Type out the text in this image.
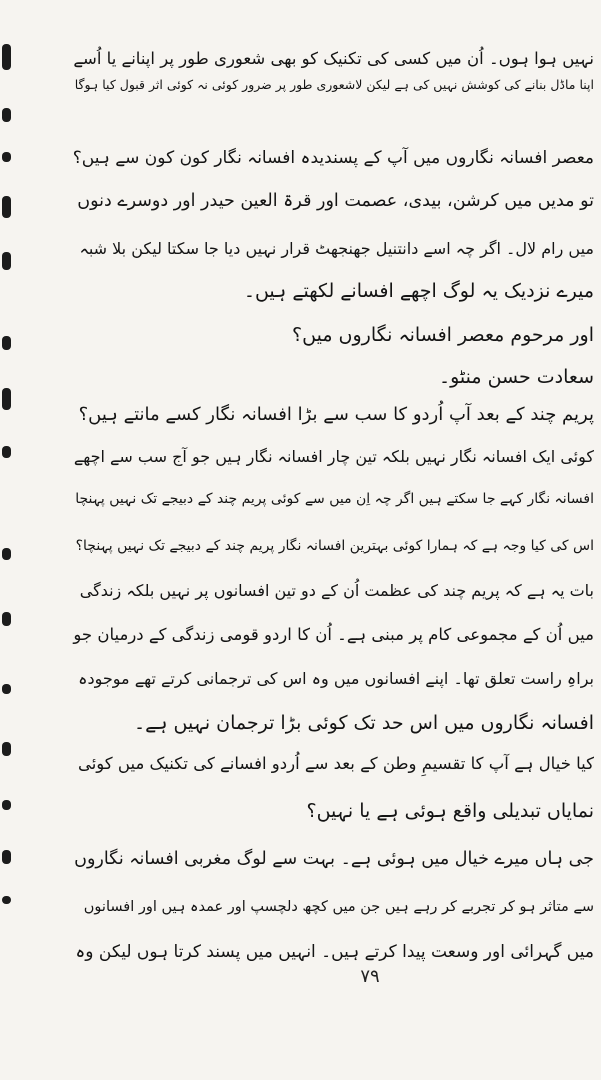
نہیں ہوا ہوں۔ اُن میں کسی کی تکنیک کو بھی شعوری طور پر اپنانے یا اُسے
اپنا ماڈل بنانے کی کوشش نہیں کی ہے لیکن لاشعوری طور پر ضرور کوئی نہ کوئی اثر قبول کیا ہوگا
معصر افسانہ نگاروں میں آپ کے پسندیدہ افسانہ نگار کون کون سے ہیں؟
تو مدیں میں کرشن، بیدی، عصمت اور قرۃ العین حیدر اور دوسرے دنوں
میں رام لال۔ اگر چہ اسے دانتنیل جھنجھٹ قرار نہیں دیا جا سکتا لیکن بلا شبہ
میرے نزدیک یہ لوگ اچھے افسانے لکھتے ہیں۔
اور مرحوم معصر افسانہ نگاروں میں؟
سعادت حسن منٹو۔
پریم چند کے بعد آپ اُردو کا سب سے بڑا افسانہ نگار کسے مانتے ہیں؟
کوئی ایک افسانہ نگار نہیں بلکہ تین چار افسانہ نگار ہیں جو آج سب سے اچھے
افسانہ نگار کہے جا سکتے ہیں اگر چہ اِن میں سے کوئی پریم چند کے دبیجے تک نہیں پہنچا
اس کی کیا وجہ ہے کہ ہمارا کوئی بہترین افسانہ نگار پریم چند کے دبیجے تک نہیں پہنچا؟
بات یہ ہے کہ پریم چند کی عظمت اُن کے دو تین افسانوں پر نہیں بلکہ زندگی
میں اُن کے مجموعی کام پر مبنی ہے۔ اُن کا اردو قومی زندگی کے درمیان جو
براہِ راست تعلق تھا۔ اپنے افسانوں میں وہ اس کی ترجمانی کرتے تھے موجودہ
افسانہ نگاروں میں اس حد تک کوئی بڑا ترجمان نہیں ہے۔
کیا خیال ہے آپ کا تقسیمِ وطن کے بعد سے اُردو افسانے کی تکنیک میں کوئی
نمایاں تبدیلی واقع ہوئی ہے یا نہیں؟
جی ہاں میرے خیال میں ہوئی ہے۔ بہت سے لوگ مغربی افسانہ نگاروں
سے متاثر ہو کر تجربے کر رہے ہیں جن میں کچھ دلچسپ اور عمدہ ہیں اور افسانوں
میں گہرائی اور وسعت پیدا کرتے ہیں۔ انہیں میں پسند کرتا ہوں لیکن وہ
۷۹
